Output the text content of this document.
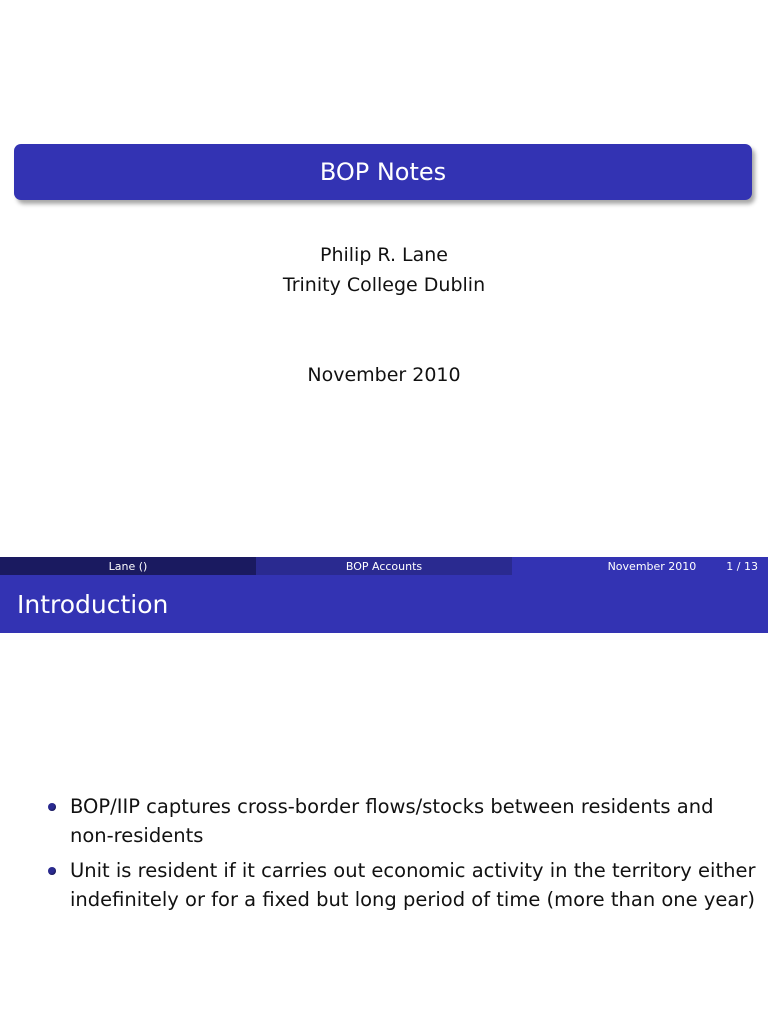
BOP Notes
Philip R. Lane
Trinity College Dublin
November 2010
Lane ()	BOP Accounts	November 2010	1 / 13
Introduction
BOP/IIP captures cross-border flows/stocks between residents and non-residents
Unit is resident if it carries out economic activity in the territory either indefinitely or for a fixed but long period of time (more than one year)
